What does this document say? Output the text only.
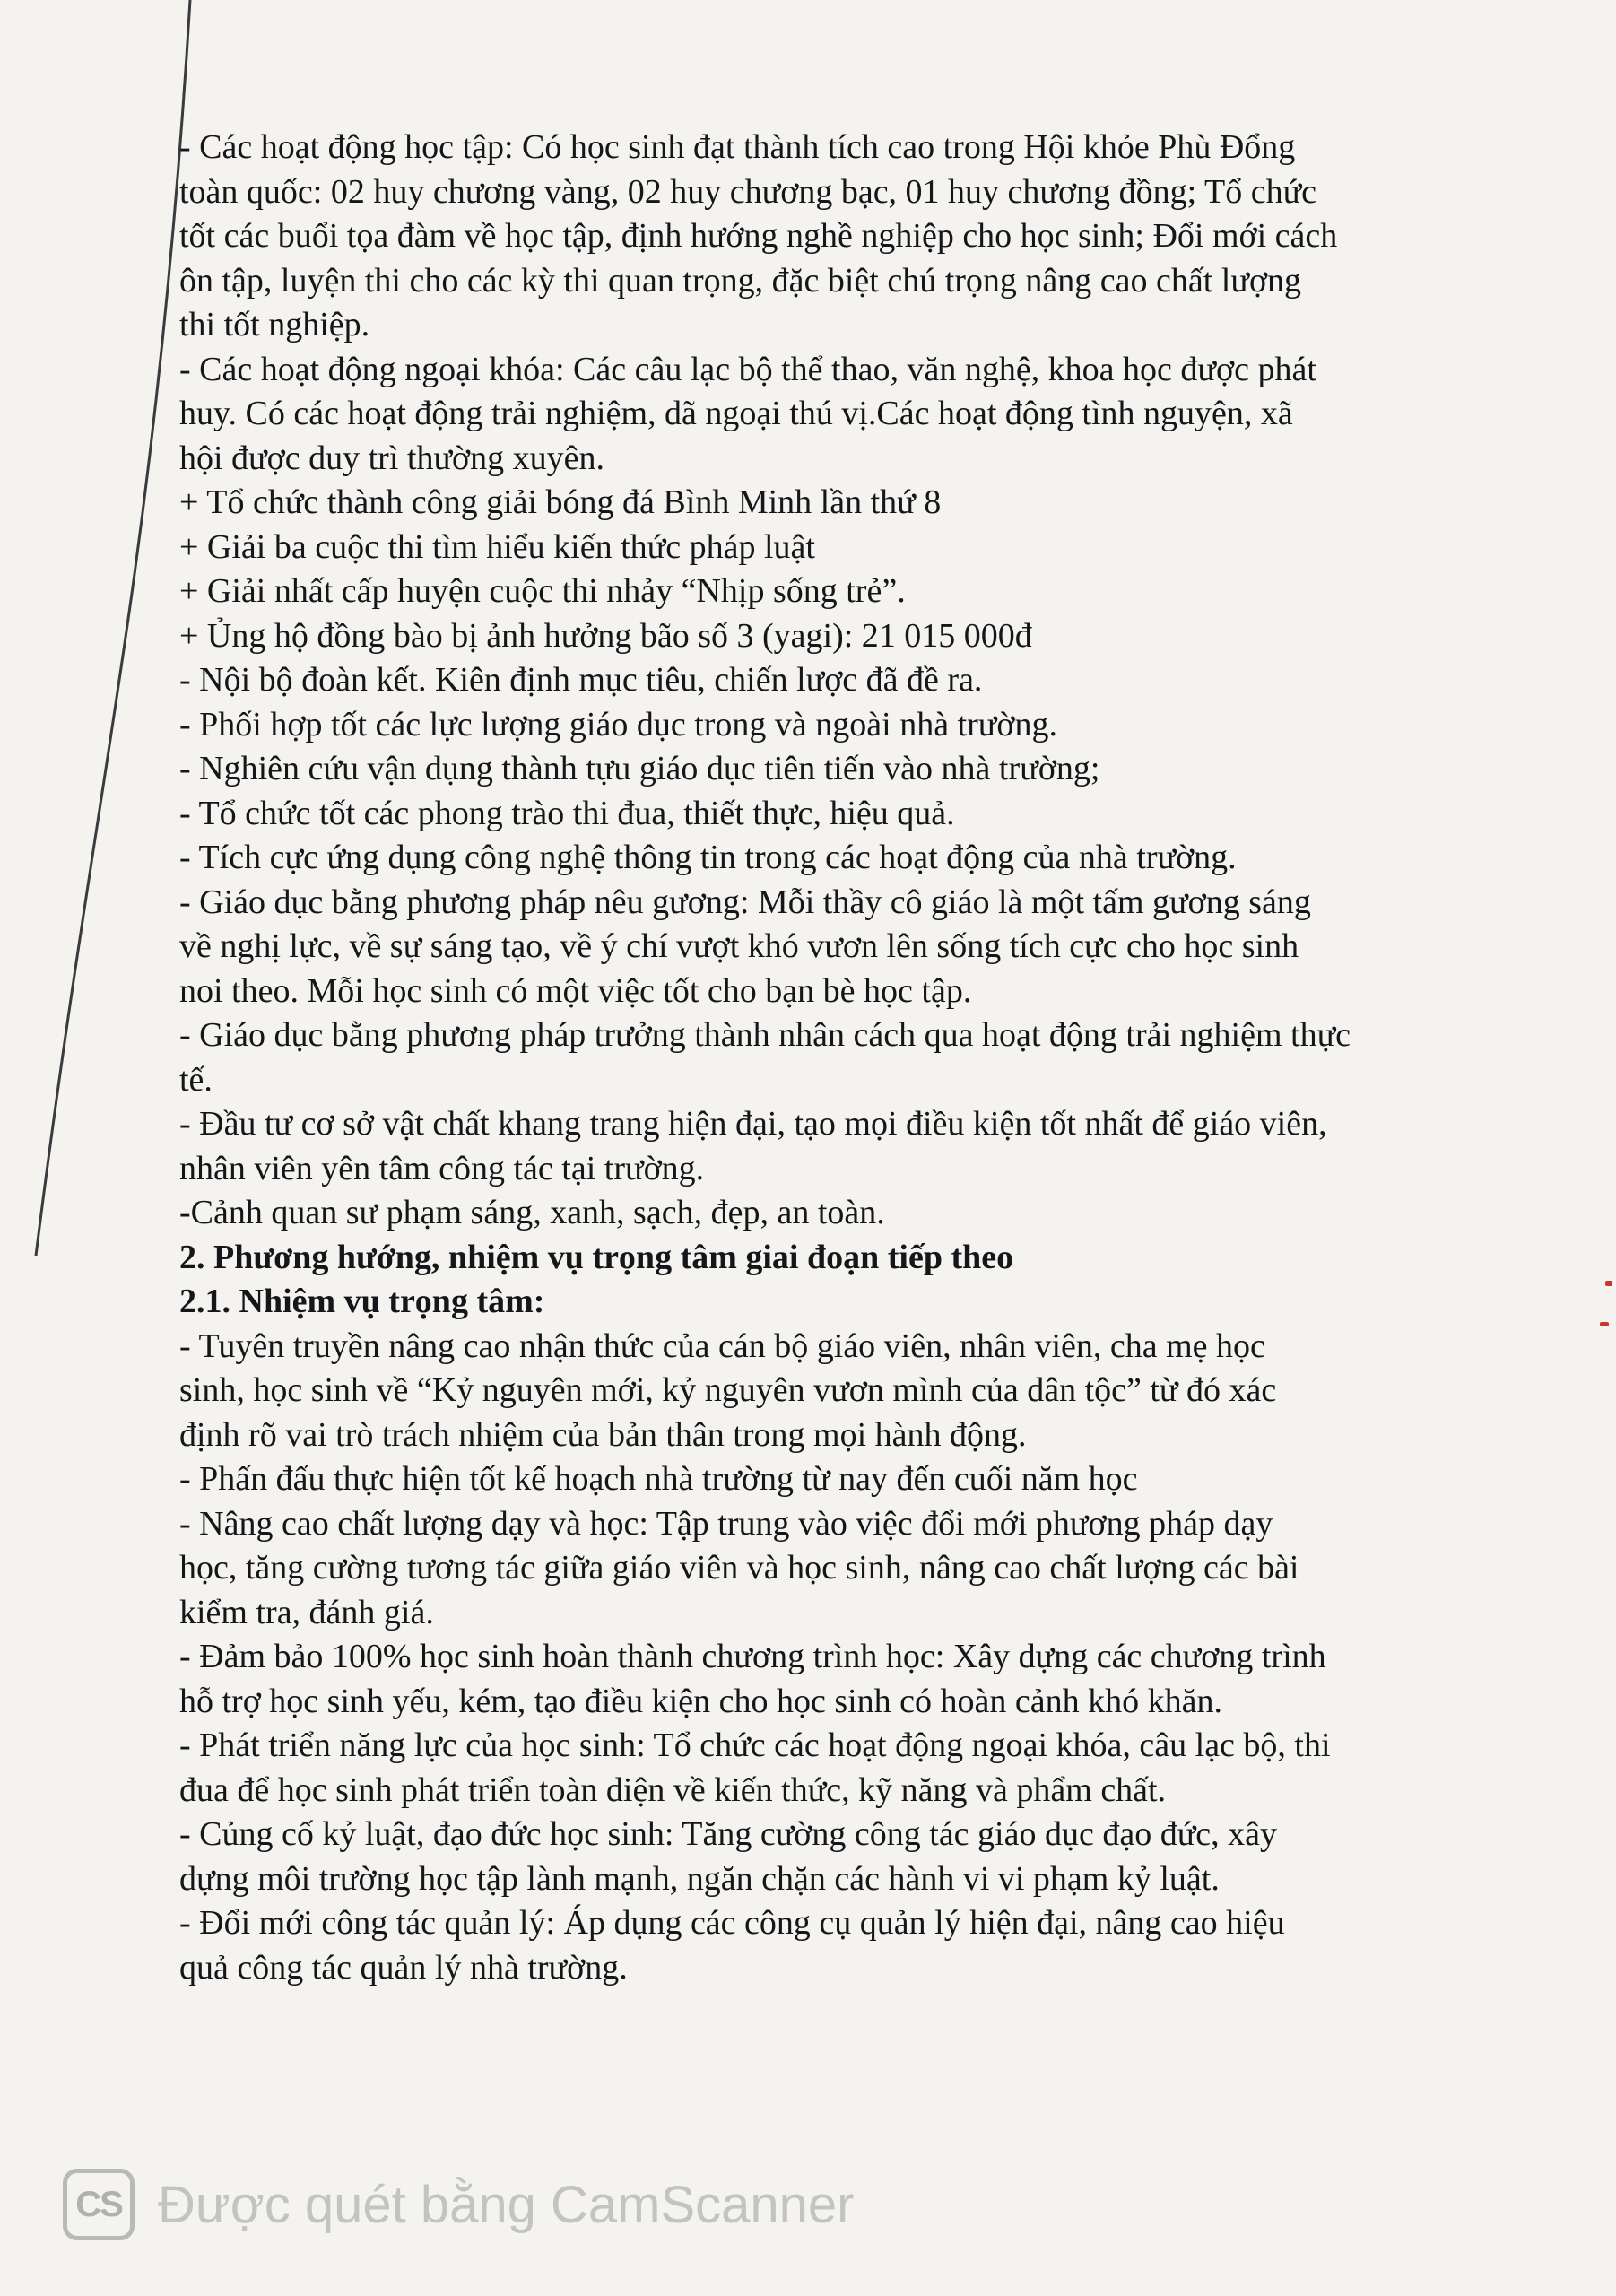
- Các hoạt động học tập: Có học sinh đạt thành tích cao trong Hội khỏe Phù Đổng
toàn quốc: 02 huy chương vàng, 02 huy chương bạc, 01 huy chương đồng; Tổ chức
tốt các buổi tọa đàm về học tập, định hướng nghề nghiệp cho học sinh; Đổi mới cách
ôn tập, luyện thi cho các kỳ thi quan trọng, đặc biệt chú trọng nâng cao chất lượng
thi tốt nghiệp.
- Các hoạt động ngoại khóa: Các câu lạc bộ thể thao, văn nghệ, khoa học được phát
huy. Có các hoạt động trải nghiệm, dã ngoại thú vị.Các hoạt động tình nguyện, xã
hội được duy trì thường xuyên.
+ Tổ chức thành công giải bóng đá Bình Minh lần thứ 8
+ Giải ba cuộc thi tìm hiểu kiến thức pháp luật
+ Giải nhất cấp huyện cuộc thi nhảy “Nhịp sống trẻ”.
+ Ủng hộ đồng bào bị ảnh hưởng bão số 3 (yagi): 21 015 000đ
- Nội bộ đoàn kết. Kiên định mục tiêu, chiến lược đã đề ra.
- Phối hợp tốt các lực lượng giáo dục trong và ngoài nhà trường.
- Nghiên cứu vận dụng thành tựu giáo dục tiên tiến vào nhà trường;
- Tổ chức tốt các phong trào thi đua, thiết thực, hiệu quả.
- Tích cực ứng dụng công nghệ thông tin trong các hoạt động của nhà trường.
- Giáo dục bằng phương pháp nêu gương: Mỗi thầy cô giáo là một tấm gương sáng
về nghị lực, về sự sáng tạo, về ý chí vượt khó vươn lên sống tích cực cho học sinh
noi theo. Mỗi học sinh có một việc tốt cho bạn bè học tập.
- Giáo dục bằng phương pháp trưởng thành nhân cách qua hoạt động trải nghiệm thực
tế.
- Đầu tư cơ sở vật chất khang trang hiện đại, tạo mọi điều kiện tốt nhất để giáo viên,
nhân viên yên tâm công tác tại trường.
-Cảnh quan sư phạm sáng, xanh, sạch, đẹp, an toàn.
2. Phương hướng, nhiệm vụ trọng tâm giai đoạn tiếp theo
2.1. Nhiệm vụ trọng tâm:
- Tuyên truyền nâng cao nhận thức của cán bộ giáo viên, nhân viên, cha mẹ học
sinh, học sinh về “Kỷ nguyên mới, kỷ nguyên vươn mình của dân tộc” từ đó xác
định rõ vai trò trách nhiệm của bản thân trong mọi hành động.
- Phấn đấu thực hiện tốt kế hoạch nhà trường từ nay đến cuối năm học
- Nâng cao chất lượng dạy và học: Tập trung vào việc đổi mới phương pháp dạy
học, tăng cường tương tác giữa giáo viên và học sinh, nâng cao chất lượng các bài
kiểm tra, đánh giá.
- Đảm bảo 100% học sinh hoàn thành chương trình học: Xây dựng các chương trình
hỗ trợ học sinh yếu, kém, tạo điều kiện cho học sinh có hoàn cảnh khó khăn.
- Phát triển năng lực của học sinh: Tổ chức các hoạt động ngoại khóa, câu lạc bộ, thi
đua để học sinh phát triển toàn diện về kiến thức, kỹ năng và phẩm chất.
- Củng cố kỷ luật, đạo đức học sinh: Tăng cường công tác giáo dục đạo đức, xây
dựng môi trường học tập lành mạnh, ngăn chặn các hành vi vi phạm kỷ luật.
- Đổi mới công tác quản lý: Áp dụng các công cụ quản lý hiện đại, nâng cao hiệu
quả công tác quản lý nhà trường.
CS Được quét bằng CamScanner
